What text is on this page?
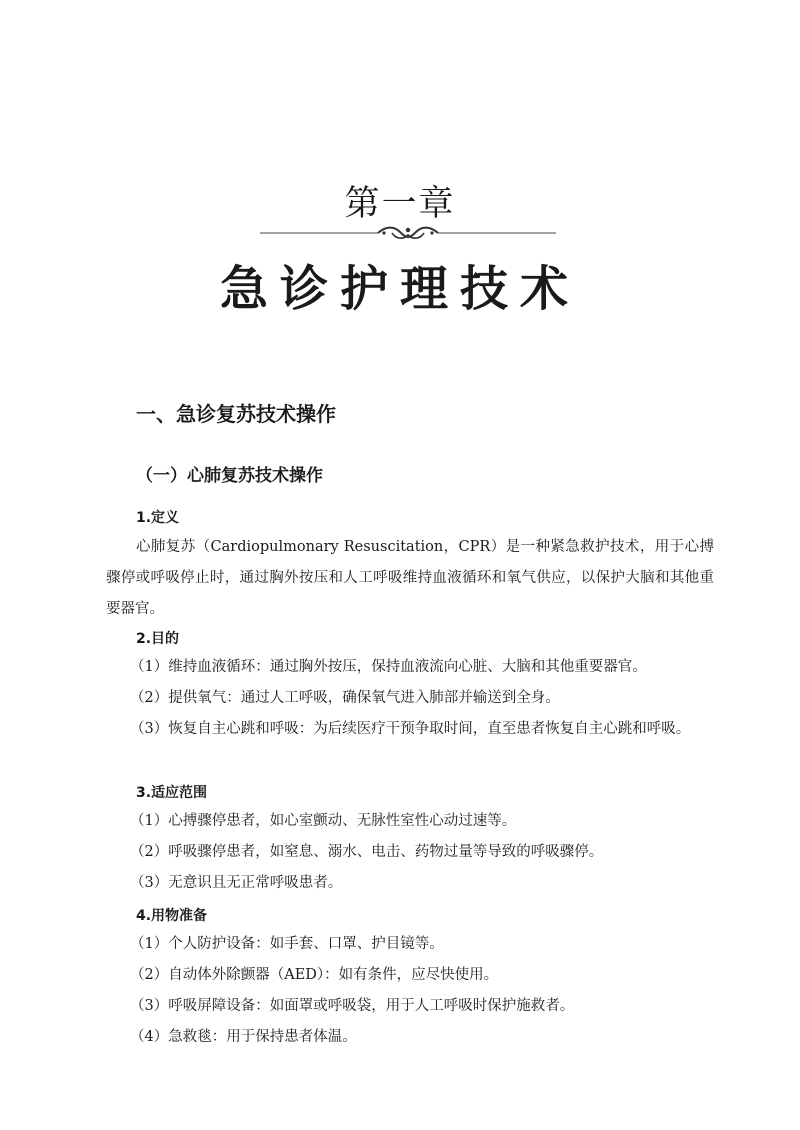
第一章
急诊护理技术
一、急诊复苏技术操作
（一）心肺复苏技术操作
1.定义
心肺复苏（Cardiopulmonary Resuscitation，CPR）是一种紧急救护技术，用于心搏骤停或呼吸停止时，通过胸外按压和人工呼吸维持血液循环和氧气供应，以保护大脑和其他重要器官。
2.目的
（1）维持血液循环：通过胸外按压，保持血液流向心脏、大脑和其他重要器官。
（2）提供氧气：通过人工呼吸，确保氧气进入肺部并输送到全身。
（3）恢复自主心跳和呼吸：为后续医疗干预争取时间，直至患者恢复自主心跳和呼吸。
3.适应范围
（1）心搏骤停患者，如心室颤动、无脉性室性心动过速等。
（2）呼吸骤停患者，如窒息、溺水、电击、药物过量等导致的呼吸骤停。
（3）无意识且无正常呼吸患者。
4.用物准备
（1）个人防护设备：如手套、口罩、护目镜等。
（2）自动体外除颤器（AED）：如有条件，应尽快使用。
（3）呼吸屏障设备：如面罩或呼吸袋，用于人工呼吸时保护施救者。
（4）急救毯：用于保持患者体温。
